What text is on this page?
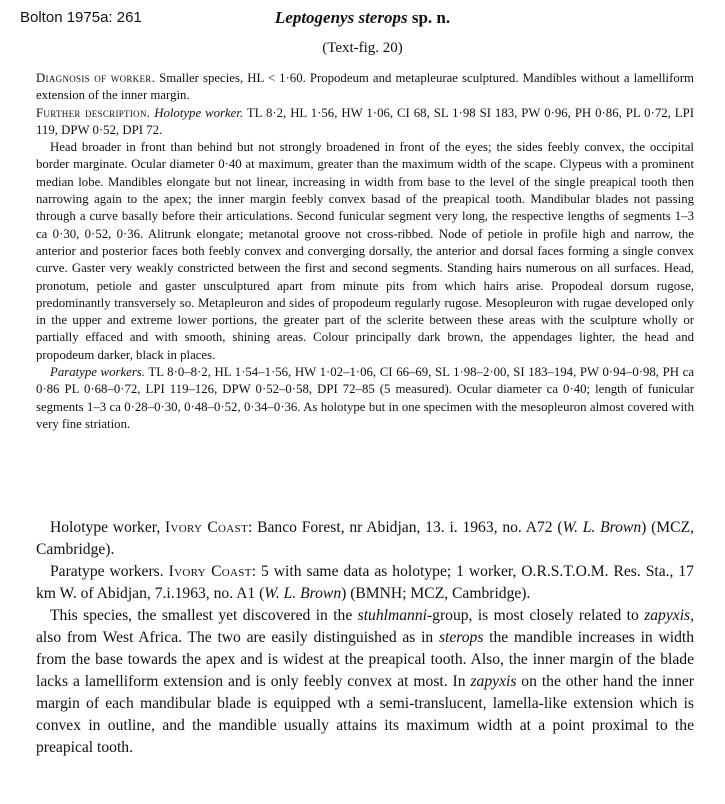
Bolton 1975a: 261	Leptogenys sterops sp. n.
(Text-fig. 20)

Diagnosis of worker. Smaller species, HL < 1·60. Propodeum and metapleurae sculptured. Mandibles without a lamelliform extension of the inner margin.

Further description. Holotype worker. TL 8·2, HL 1·56, HW 1·06, CI 68, SL 1·98 SI 183, PW 0·96, PH 0·86, PL 0·72, LPI 119, DPW 0·52, DPI 72.

Head broader in front than behind but not strongly broadened in front of the eyes; the sides feebly convex, the occipital border marginate. Ocular diameter 0·40 at maximum, greater than the maximum width of the scape. Clypeus with a prominent median lobe. Mandibles elongate but not linear, increasing in width from base to the level of the single preapical tooth then narrowing again to the apex; the inner margin feebly convex basad of the preapical tooth. Mandibular blades not passing through a curve basally before their articulations. Second funicular segment very long, the respective lengths of segments 1–3 ca 0·30, 0·52, 0·36. Alitrunk elongate; metanotal groove not cross-ribbed. Node of petiole in profile high and narrow, the anterior and posterior faces both feebly convex and converging dorsally, the anterior and dorsal faces forming a single convex curve. Gaster very weakly constricted between the first and second segments. Standing hairs numerous on all surfaces. Head, pronotum, petiole and gaster unsculptured apart from minute pits from which hairs arise. Propodeal dorsum rugose, predominantly transversely so. Metapleuron and sides of propodeum regularly rugose. Mesopleuron with rugae developed only in the upper and extreme lower portions, the greater part of the sclerite between these areas with the sculpture wholly or partially effaced and with smooth, shining areas. Colour principally dark brown, the appendages lighter, the head and propodeum darker, black in places.

Paratype workers. TL 8·0–8·2, HL 1·54–1·56, HW 1·02–1·06, CI 66–69, SL 1·98–2·00, SI 183–194, PW 0·94–0·98, PH ca 0·86 PL 0·68–0·72, LPI 119–126, DPW 0·52–0·58, DPI 72–85 (5 measured). Ocular diameter ca 0·40; length of funicular segments 1–3 ca 0·28–0·30, 0·48–0·52, 0·34–0·36. As holotype but in one specimen with the mesopleuron almost covered with very fine striation.

Holotype worker, Ivory Coast: Banco Forest, nr Abidjan, 13. i. 1963, no. A72 (W. L. Brown) (MCZ, Cambridge).

Paratype workers. Ivory Coast: 5 with same data as holotype; 1 worker, O.R.S.T.O.M. Res. Sta., 17 km W. of Abidjan, 7.i.1963, no. A1 (W. L. Brown) (BMNH; MCZ, Cambridge).

This species, the smallest yet discovered in the stuhlmanni-group, is most closely related to zapyxis, also from West Africa. The two are easily distinguished as in sterops the mandible increases in width from the base towards the apex and is widest at the preapical tooth. Also, the inner margin of the blade lacks a lamelliform extension and is only feebly convex at most. In zapyxis on the other hand the inner margin of each mandibular blade is equipped wth a semi-translucent, lamella-like extension which is convex in outline, and the mandible usually attains its maximum width at a point proximal to the preapical tooth.
